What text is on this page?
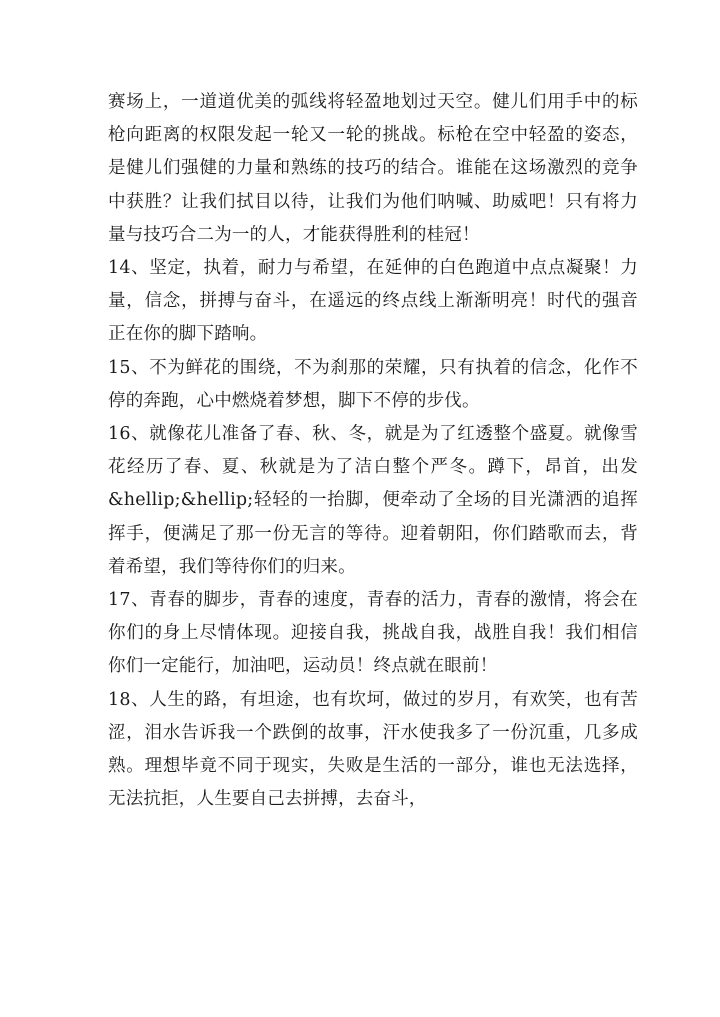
赛场上，一道道优美的弧线将轻盈地划过天空。健儿们用手中的标枪向距离的权限发起一轮又一轮的挑战。标枪在空中轻盈的姿态，是健儿们强健的力量和熟练的技巧的结合。谁能在这场激烈的竞争中获胜？让我们拭目以待，让我们为他们呐喊、助威吧！只有将力量与技巧合二为一的人，才能获得胜利的桂冠！

14、坚定，执着，耐力与希望，在延伸的白色跑道中点点凝聚！力量，信念，拼搏与奋斗，在遥远的终点线上渐渐明亮！时代的强音正在你的脚下踏响。

15、不为鲜花的围绕，不为刹那的荣耀，只有执着的信念，化作不停的奔跑，心中燃烧着梦想，脚下不停的步伐。

16、就像花儿准备了春、秋、冬，就是为了红透整个盛夏。就像雪花经历了春、夏、秋就是为了洁白整个严冬。蹲下，昂首，出发&hellip;&hellip;轻轻的一抬脚，便牵动了全场的目光潇洒的追挥挥手，便满足了那一份无言的等待。迎着朝阳，你们踏歌而去，背着希望，我们等待你们的归来。

17、青春的脚步，青春的速度，青春的活力，青春的激情，将会在你们的身上尽情体现。迎接自我，挑战自我，战胜自我！我们相信你们一定能行，加油吧，运动员！终点就在眼前！

18、人生的路，有坦途，也有坎坷，做过的岁月，有欢笑，也有苦涩，泪水告诉我一个跌倒的故事，汗水使我多了一份沉重，几多成熟。理想毕竟不同于现实，失败是生活的一部分，谁也无法选择，无法抗拒，人生要自己去拼搏，去奋斗，
